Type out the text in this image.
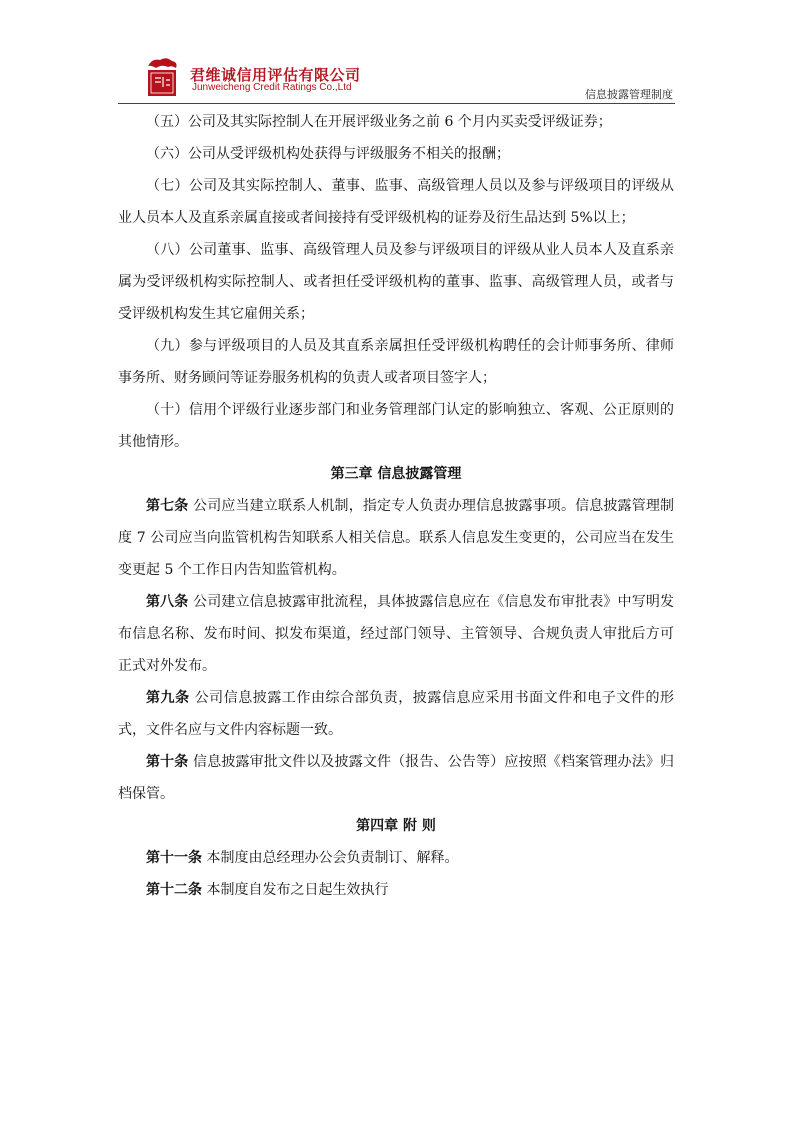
君维诚信用评估有限公司
Junweicheng Credit Ratings Co.,Ltd
信息披露管理制度

（五）公司及其实际控制人在开展评级业务之前 6 个月内买卖受评级证券；

（六）公司从受评级机构处获得与评级服务不相关的报酬；

（七）公司及其实际控制人、董事、监事、高级管理人员以及参与评级项目的评级从业人员本人及直系亲属直接或者间接持有受评级机构的证券及衍生品达到 5%以上；

（八）公司董事、监事、高级管理人员及参与评级项目的评级从业人员本人及直系亲属为受评级机构实际控制人、或者担任受评级机构的董事、监事、高级管理人员，或者与受评级机构发生其它雇佣关系；

（九）参与评级项目的人员及其直系亲属担任受评级机构聘任的会计师事务所、律师事务所、财务顾问等证券服务机构的负责人或者项目签字人；

（十）信用个评级行业逐步部门和业务管理部门认定的影响独立、客观、公正原则的其他情形。

第三章 信息披露管理

第七条 公司应当建立联系人机制，指定专人负责办理信息披露事项。信息披露管理制度 7 公司应当向监管机构告知联系人相关信息。联系人信息发生变更的，公司应当在发生变更起 5 个工作日内告知监管机构。

第八条 公司建立信息披露审批流程，具体披露信息应在《信息发布审批表》中写明发布信息名称、发布时间、拟发布渠道，经过部门领导、主管领导、合规负责人审批后方可正式对外发布。

第九条 公司信息披露工作由综合部负责，披露信息应采用书面文件和电子文件的形式，文件名应与文件内容标题一致。

第十条 信息披露审批文件以及披露文件（报告、公告等）应按照《档案管理办法》归档保管。

第四章 附 则

第十一条 本制度由总经理办公会负责制订、解释。

第十二条 本制度自发布之日起生效执行
